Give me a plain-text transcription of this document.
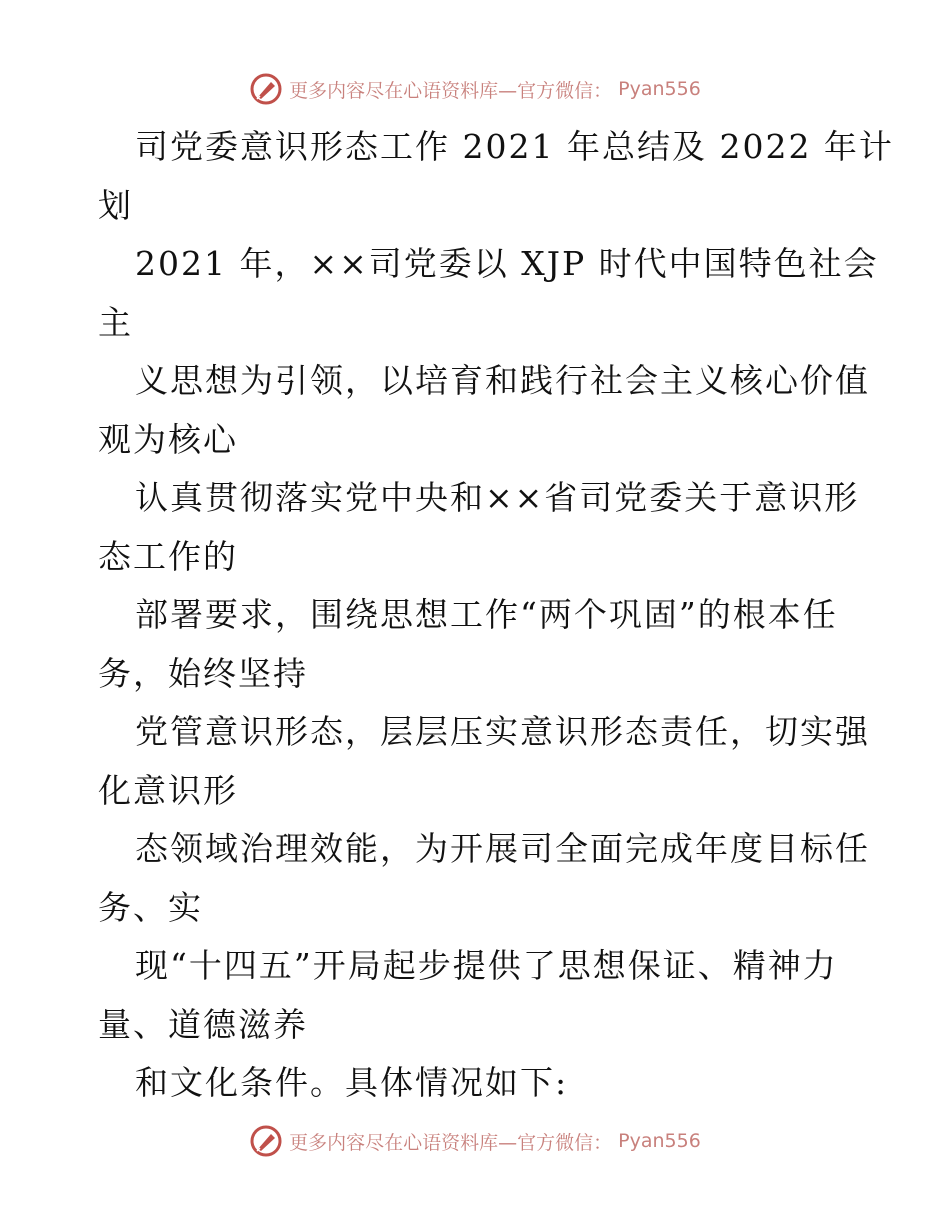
更多内容尽在心语资料库—官方微信： Pyan556
司党委意识形态工作 2021 年总结及 2022 年计
划
2021 年，××司党委以 XJP 时代中国特色社会
主
义思想为引领，以培育和践行社会主义核心价值
观为核心
认真贯彻落实党中央和××省司党委关于意识形
态工作的
部署要求，围绕思想工作“两个巩固”的根本任
务，始终坚持
党管意识形态，层层压实意识形态责任，切实强
化意识形
态领域治理效能，为开展司全面完成年度目标任
务、实
现“十四五”开局起步提供了思想保证、精神力
量、道德滋养
和文化条件。具体情况如下:
更多内容尽在心语资料库—官方微信： Pyan556
